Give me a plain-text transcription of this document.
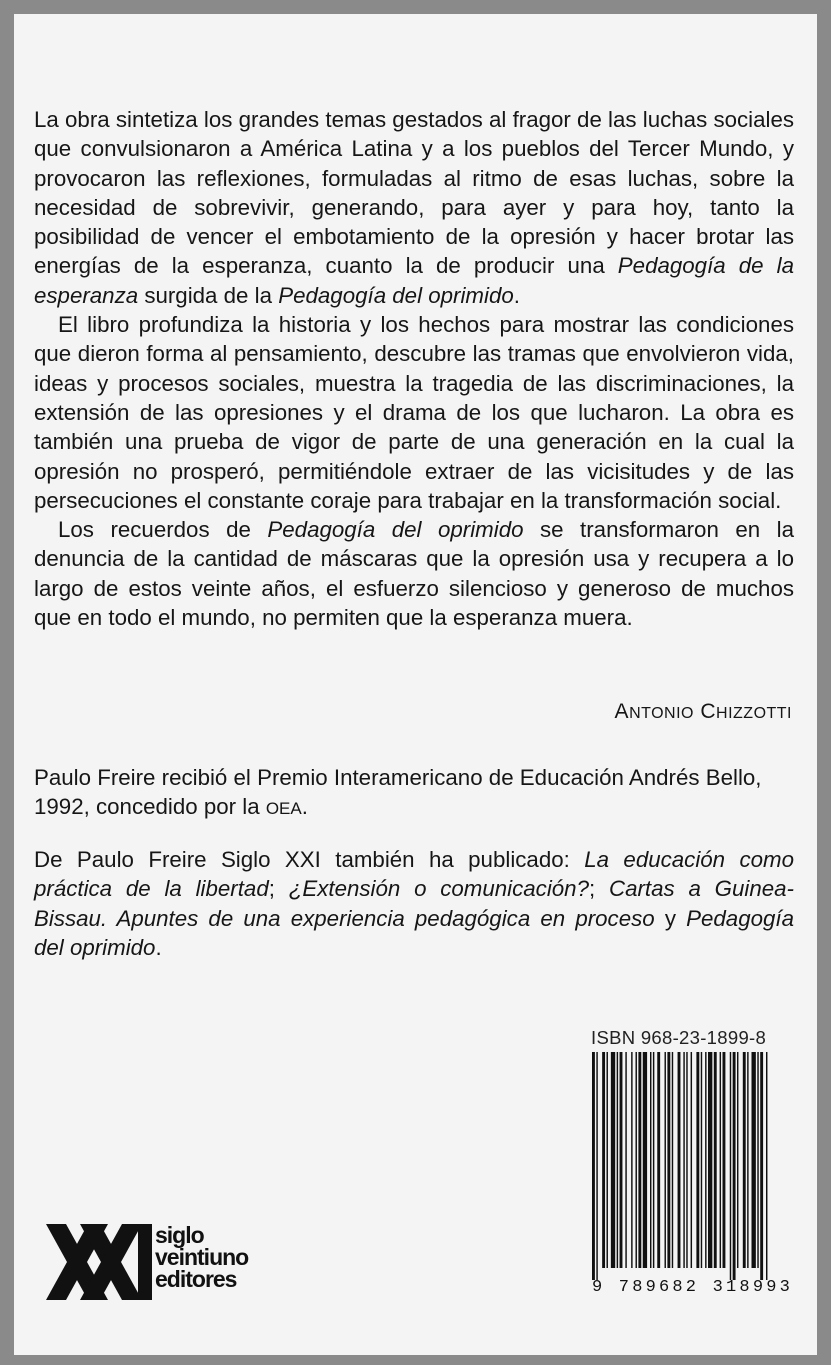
La obra sintetiza los grandes temas gestados al fragor de las luchas sociales que convulsionaron a América Latina y a los pueblos del Tercer Mundo, y provocaron las reflexiones, formuladas al ritmo de esas luchas, sobre la necesidad de sobrevivir, generando, para ayer y para hoy, tanto la posibilidad de vencer el embotamiento de la opresión y hacer brotar las energías de la esperanza, cuanto la de producir una Pedagogía de la esperanza surgida de la Pedagogía del oprimido.

El libro profundiza la historia y los hechos para mostrar las condiciones que dieron forma al pensamiento, descubre las tramas que envolvieron vida, ideas y procesos sociales, muestra la tragedia de las discriminaciones, la extensión de las opresiones y el drama de los que lucharon. La obra es también una prueba de vigor de parte de una generación en la cual la opresión no prosperó, permitiéndole extraer de las vicisitudes y de las persecuciones el constante coraje para trabajar en la transformación social.

Los recuerdos de Pedagogía del oprimido se transformaron en la denuncia de la cantidad de máscaras que la opresión usa y recupera a lo largo de estos veinte años, el esfuerzo silencioso y generoso de muchos que en todo el mundo, no permiten que la esperanza muera.

ANTONIO CHIZZOTTI

Paulo Freire recibió el Premio Interamericano de Educación Andrés Bello, 1992, concedido por la OEA.

De Paulo Freire Siglo XXI también ha publicado: La educación como práctica de la libertad; ¿Extensión o comunicación?; Cartas a Guinea-Bissau. Apuntes de una experiencia pedagógica en proceso y Pedagogía del oprimido.

ISBN 968-23-1899-8
9 789682 318993
siglo
veintiuno
editores
